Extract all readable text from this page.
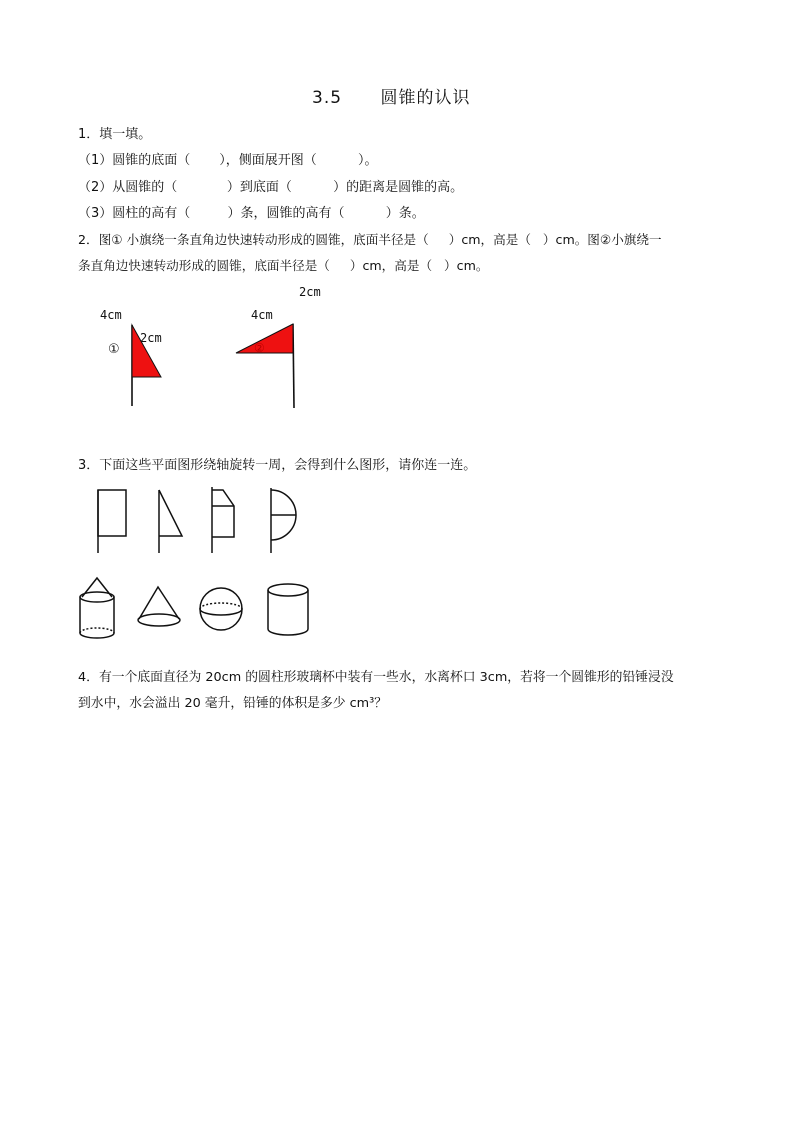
3.5      圆锥的认识
1．填一填。
（1）圆锥的底面（       ），侧面展开图（          ）。
（2）从圆锥的（            ）到底面（          ）的距离是圆锥的高。
（3）圆柱的高有（         ）条，圆锥的高有（          ）条。
2．图① 小旗绕一条直角边快速转动形成的圆锥，底面半径是（     ）cm，高是（   ）cm。图②小旗绕一
条直角边快速转动形成的圆锥，底面半径是（     ）cm，高是（   ）cm。
2cm
4cm
2cm
①
4cm
②
3．下面这些平面图形绕轴旋转一周，会得到什么图形，请你连一连。
4．有一个底面直径为 20cm 的圆柱形玻璃杯中装有一些水，水离杯口 3cm，若将一个圆锥形的铅锤浸没
到水中，水会溢出 20 毫升，铅锤的体积是多少 cm³？
